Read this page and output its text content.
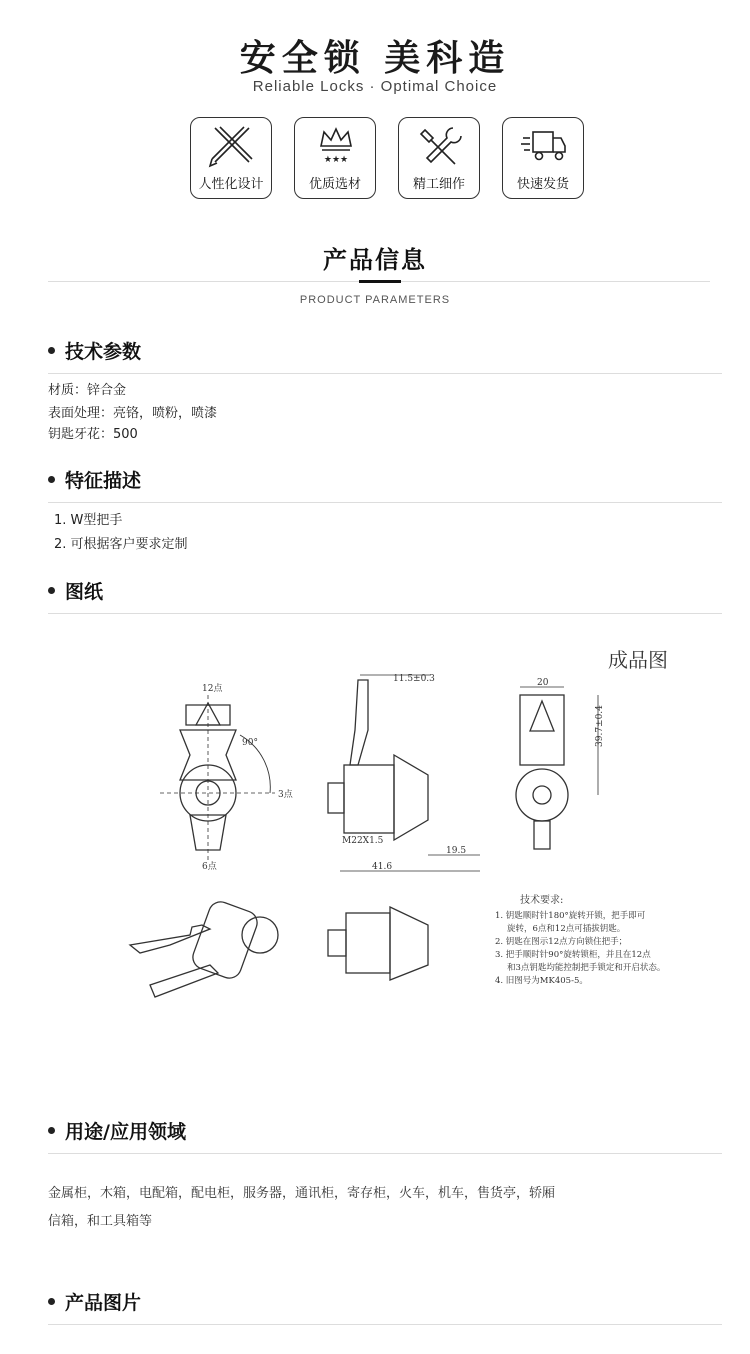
安全锁 美科造
Reliable Locks · Optimal Choice
人性化设计
★★★
优质选材	精工细作	快速发货
产品信息
PRODUCT PARAMETERS
技术参数
材质：锌合金
表面处理：亮铬，喷粉，喷漆
钥匙牙花：500
特征描述
1. W型把手
2. 可根据客户要求定制
图纸
成品图
12点
6点
3点
90°
11.5±0.3
M22X1.5
41.6
19.5
20
39.7±0.4
技术要求:
1. 钥匙顺时针180°旋转开锁，把手即可
旋转，6点和12点可插拔钥匙。
2. 钥匙在图示12点方向锁住把手；
3. 把手顺时针90°旋转锁柜，并且在12点
和3点钥匙均能控制把手锁定和开启状态。
4. 旧图号为MK405-5。
用途/应用领域
金属柜，木箱，电配箱，配电柜，服务器，通讯柜，寄存柜，火车，机车，售货亭，轿厢
信箱，和工具箱等
产品图片
